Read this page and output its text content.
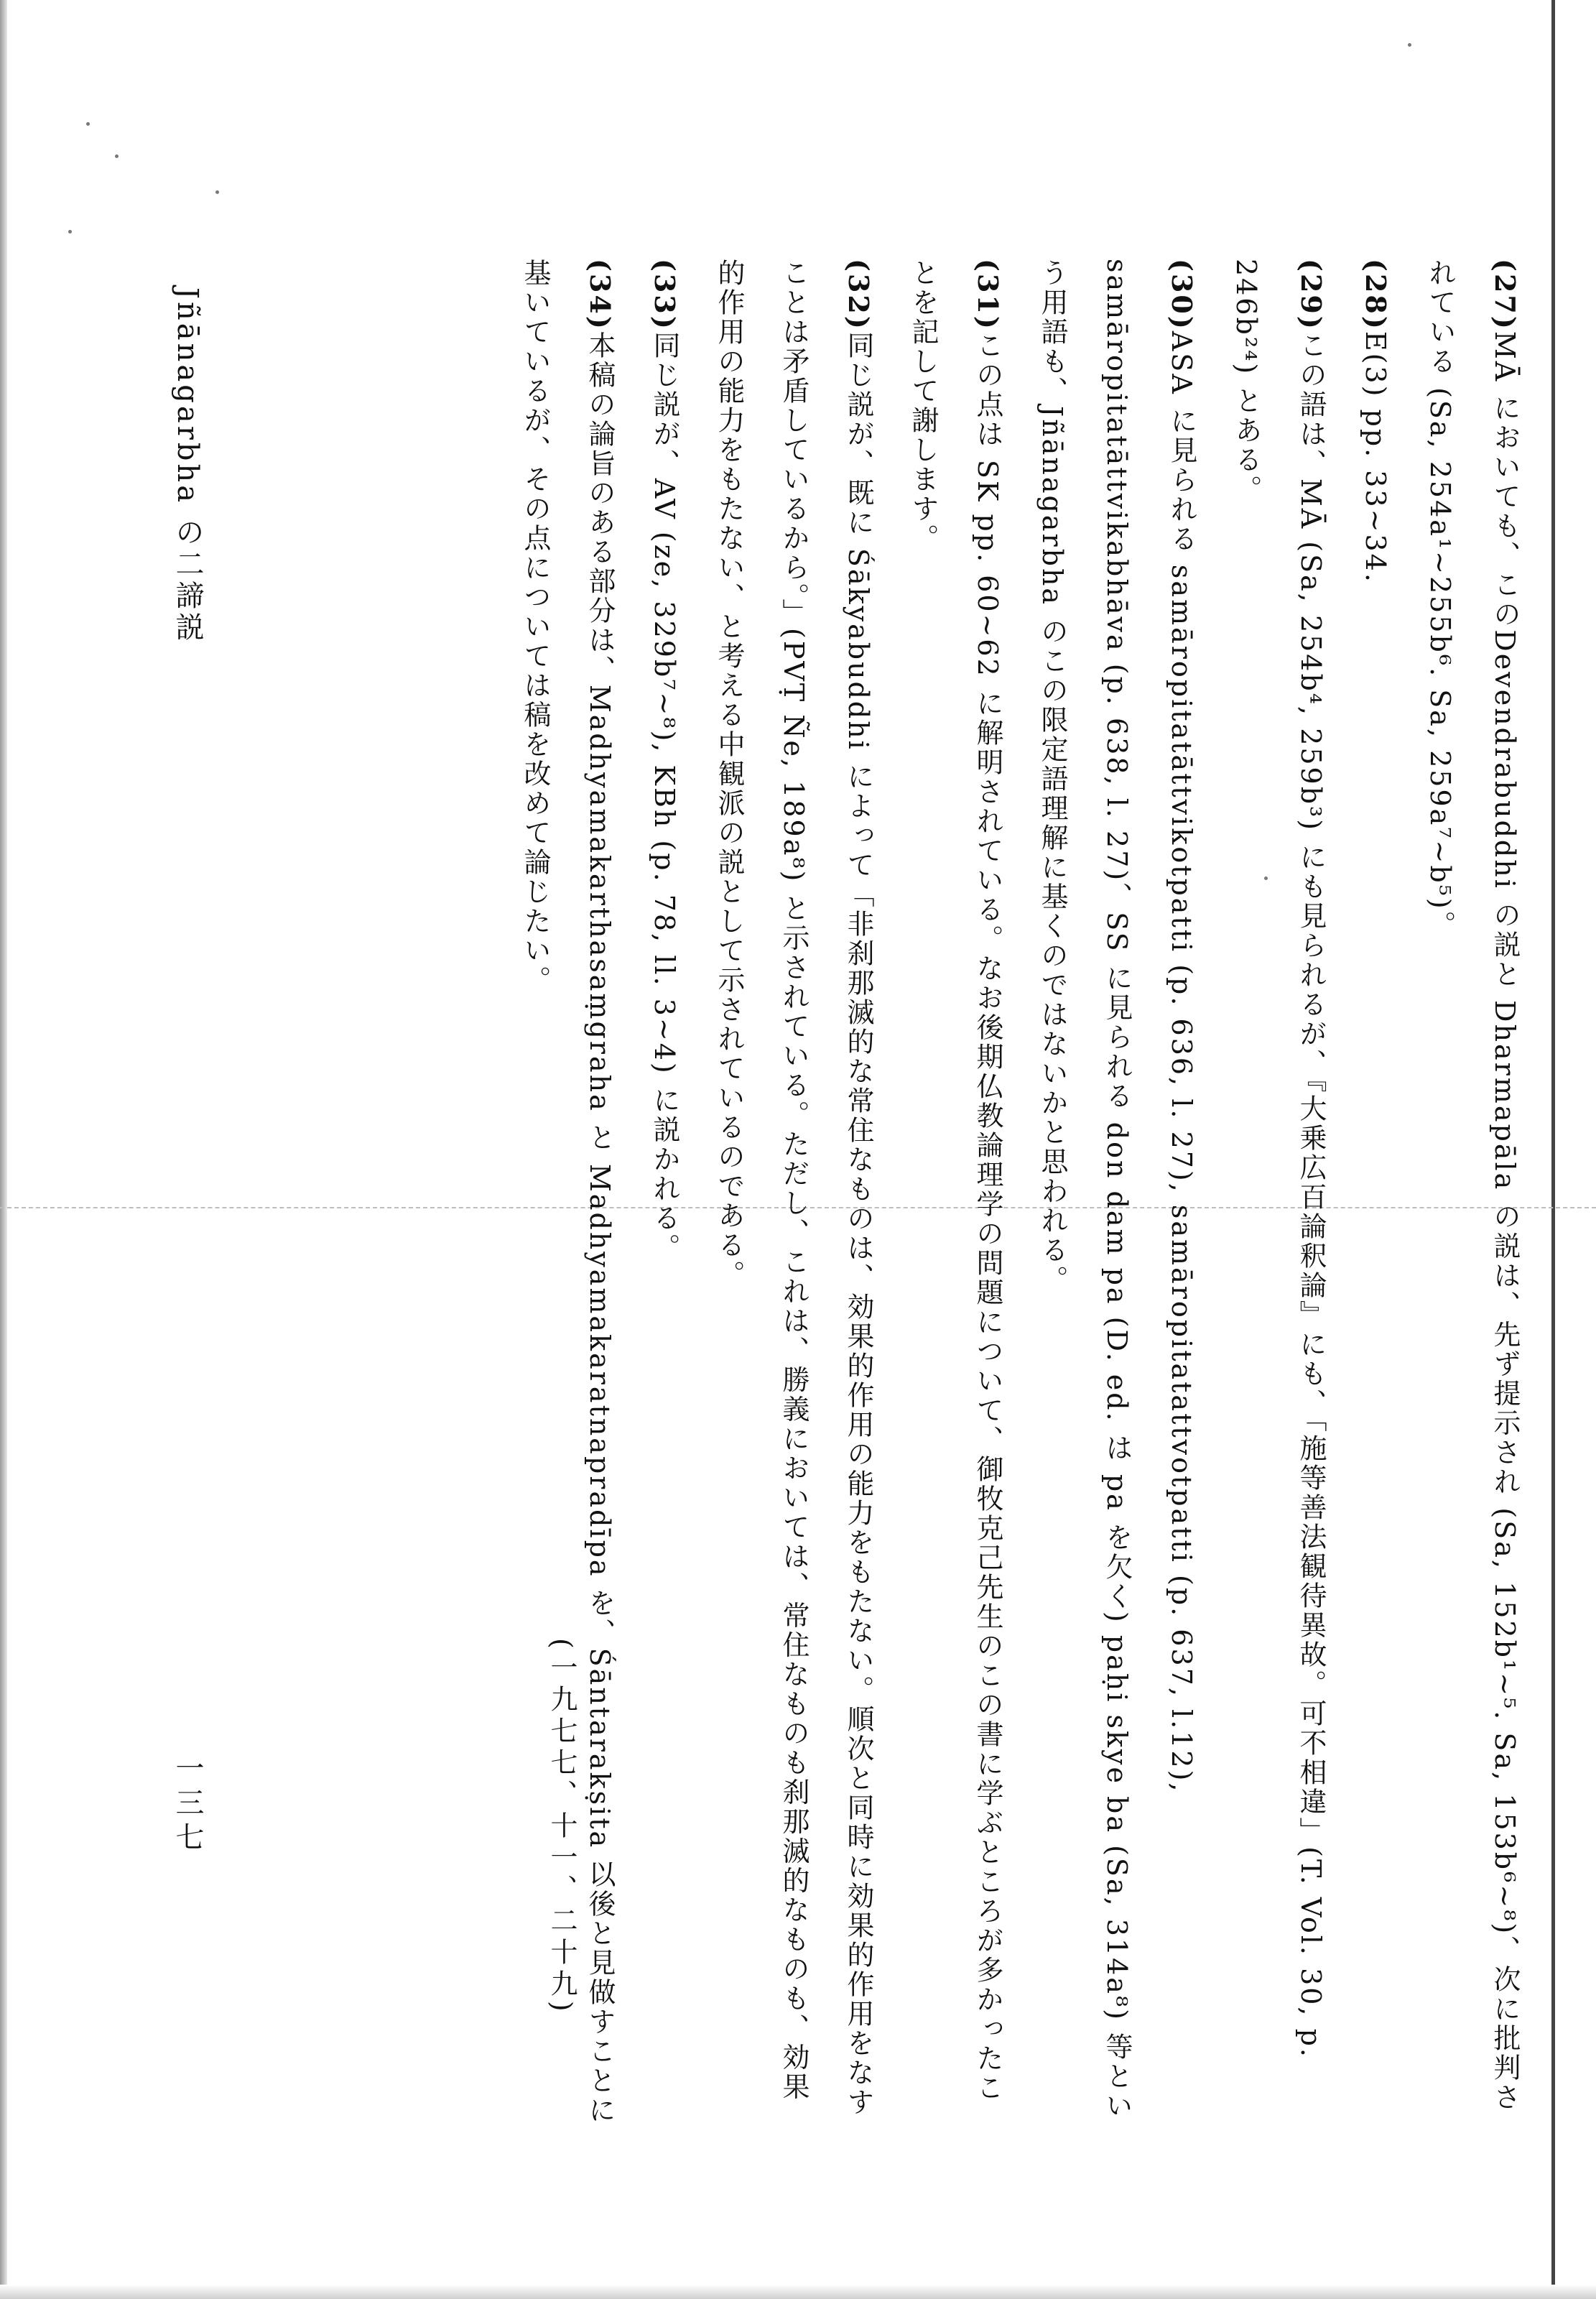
(27)MĀ においても、このDevendrabuddhi の説と Dharmapāla の説は、先ず提示され (Sa, 152b¹~⁵. Sa, 153b⁶~⁸)、次に批判されている (Sa, 254a¹~255b⁶. Sa, 259a⁷~b⁵)。

(28)E(3) pp. 33~34.

(29)この語は、MĀ (Sa, 254b⁴, 259b³) にも見られるが、『大乗広百論釈論』にも、「施等善法観待異故。可不相違」(T. Vol. 30, p. 246b²⁴) とある。

(30)ASA に見られる samāropitatāttvikotpatti (p. 636, l. 27), samāropitatattvotpatti (p. 637, l.12), samāropitatāttvikabhāva (p. 638, l. 27)、SS に見られる don dam pa (D. ed. は pa を欠く) paḥi skye ba (Sa, 314a⁸) 等という用語も、Jñānagarbha のこの限定語理解に基くのではないかと思われる。

(31)この点は SK pp. 60~62 に解明されている。なお後期仏教論理学の問題について、御牧克己先生のこの書に学ぶところが多かったことを記して謝します。

(32)同じ説が、既に Śākyabuddhi によって「非刹那滅的な常住なものは、効果的作用の能力をもたない。順次と同時に効果的作用をなすことは矛盾しているから。」(PVṬ Ñe, 189a⁸) と示されている。ただし、これは、勝義においては、常住なものも刹那滅的なものも、効果的作用の能力をもたない、と考える中観派の説として示されているのである。

(33)同じ説が、AV (ze, 329b⁷~⁸), KBh (p. 78, ll. 3~4) に説かれる。

(34)本稿の論旨のある部分は、Madhyamakarthasaṃgraha と Madhyamakaratnapradīpa を、Śāntarakṣita 以後と見做すことに基いているが、その点については稿を改めて論じたい。

(一九七七、十一、二十九)
Jñānagarbha の二諦説
一三七
